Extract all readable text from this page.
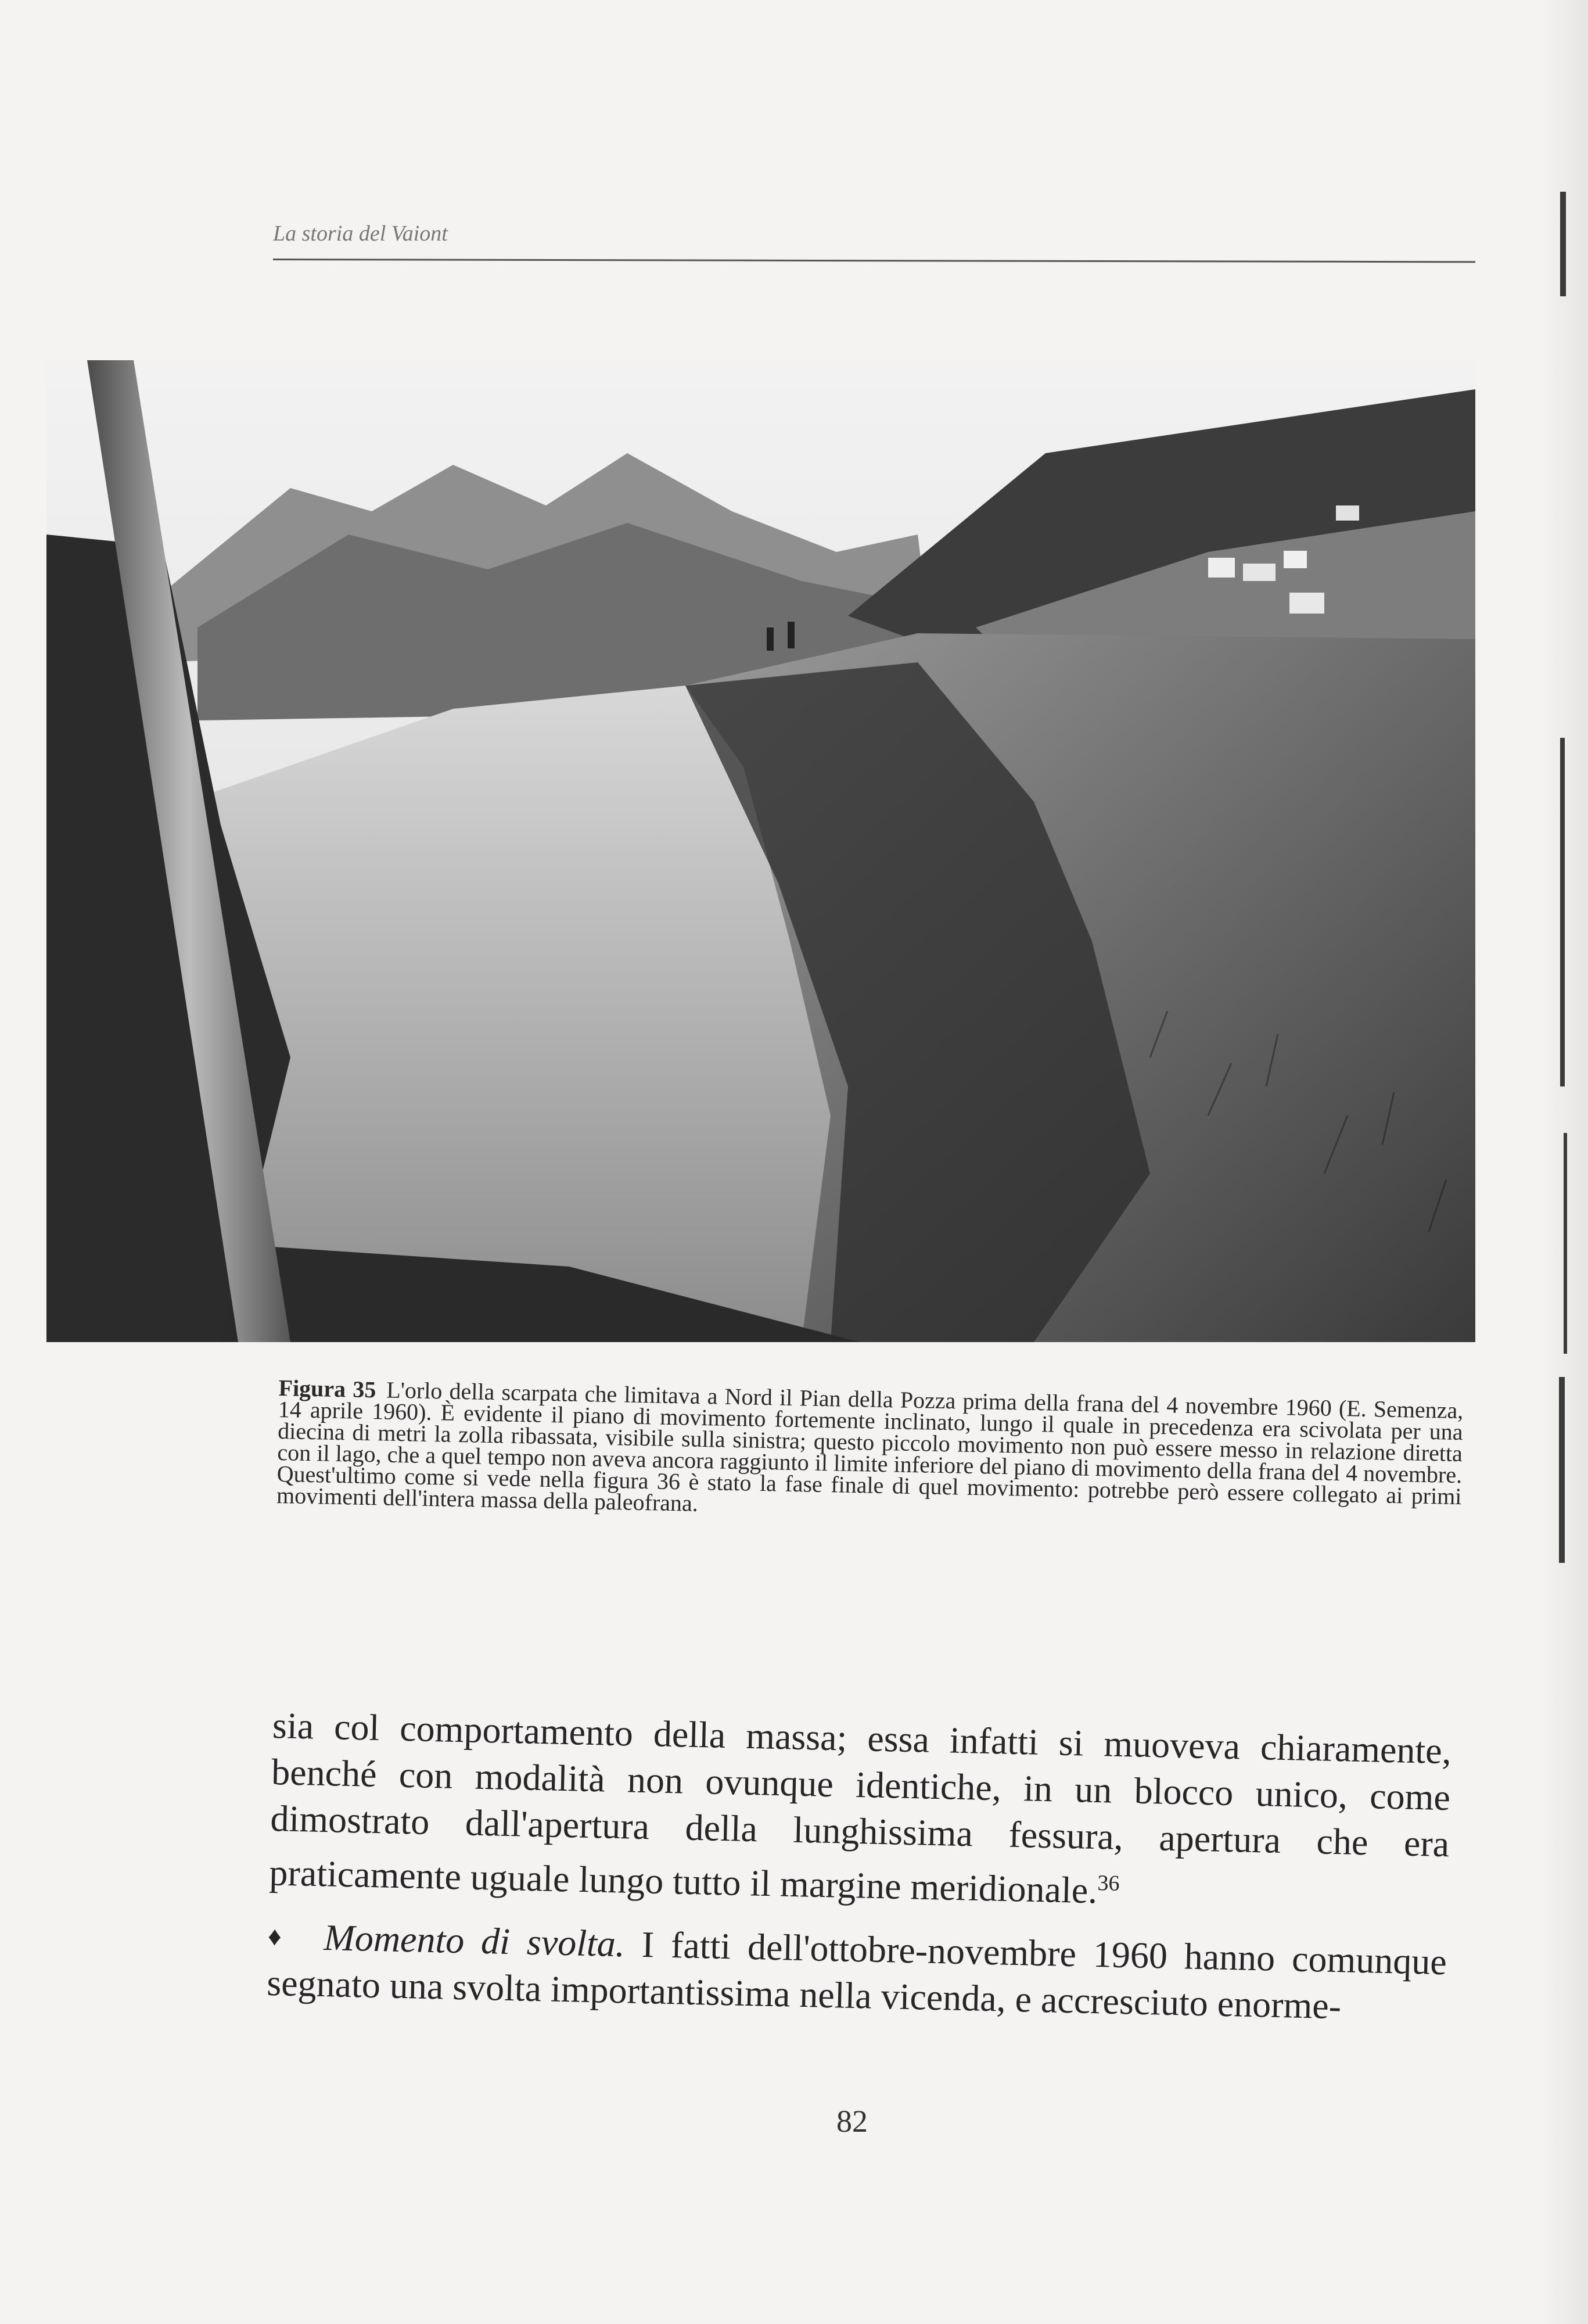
La storia del Vaiont
Figura 35 L'orlo della scarpata che limitava a Nord il Pian della Pozza prima della frana del 4 novembre 1960 (E. Semenza, 14 aprile 1960). È evidente il piano di movimento fortemente inclinato, lungo il quale in precedenza era scivolata per una diecina di metri la zolla ribassata, visibile sulla sinistra; questo piccolo movimento non può essere messo in relazione diretta con il lago, che a quel tempo non aveva ancora raggiunto il limite inferiore del piano di movimento della frana del 4 novembre. Quest'ultimo come si vede nella figura 36 è stato la fase finale di quel movimento: potrebbe però essere collegato ai primi movimenti dell'intera massa della paleofrana.

sia col comportamento della massa; essa infatti si muoveva chiaramente, benché con modalità non ovunque identiche, in un blocco unico, come dimostrato dall'apertura della lunghissima fessura, apertura che era praticamente uguale lungo tutto il margine meridionale.$^{36}$

♦ Momento di svolta. I fatti dell'ottobre-novembre 1960 hanno comunque segnato una svolta importantissima nella vicenda, e accresciuto enorme-

82
